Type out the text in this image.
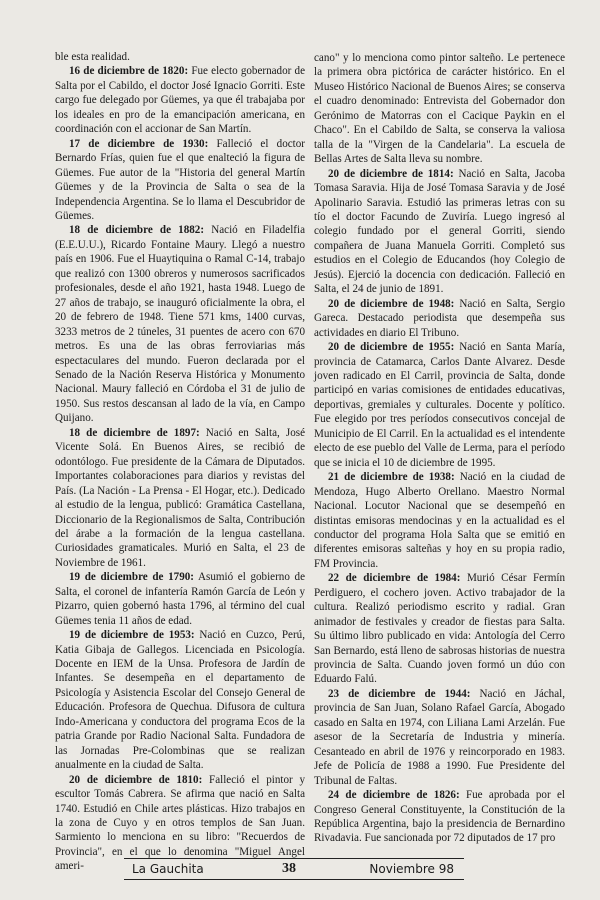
ble esta realidad.

16 de diciembre de 1820: Fue electo gobernador de Salta por el Cabildo, el doctor José Ignacio Gorriti. Este cargo fue delegado por Güemes, ya que él trabajaba por los ideales en pro de la emancipación americana, en coordinación con el accionar de San Martín.

17 de diciembre de 1930: Falleció el doctor Bernardo Frías, quien fue el que enalteció la figura de Güemes. Fue autor de la "Historia del general Martín Güemes y de la Provincia de Salta o sea de la Independencia Argentina. Se lo llama el Descubridor de Güemes.

18 de diciembre de 1882: Nació en Filadelfia (E.E.U.U.), Ricardo Fontaine Maury. Llegó a nuestro país en 1906. Fue el Huaytiquina o Ramal C-14, trabajo que realizó con 1300 obreros y numerosos sacrificados profesionales, desde el año 1921, hasta 1948. Luego de 27 años de trabajo, se inauguró oficialmente la obra, el 20 de febrero de 1948. Tiene 571 kms, 1400 curvas, 3233 metros de 2 túneles, 31 puentes de acero con 670 metros. Es una de las obras ferroviarias más espectaculares del mundo. Fueron declarada por el Senado de la Nación Reserva Histórica y Monumento Nacional. Maury falleció en Córdoba el 31 de julio de 1950. Sus restos descansan al lado de la vía, en Campo Quijano.

18 de diciembre de 1897: Nació en Salta, José Vicente Solá. En Buenos Aires, se recibió de odontólogo. Fue presidente de la Cámara de Diputados. Importantes colaboraciones para diarios y revistas del País. (La Nación - La Prensa - El Hogar, etc.). Dedicado al estudio de la lengua, publicó: Gramática Castellana, Diccionario de la Regionalismos de Salta, Contribución del árabe a la formación de la lengua castellana. Curiosidades gramaticales. Murió en Salta, el 23 de Noviembre de 1961.

19 de diciembre de 1790: Asumió el gobierno de Salta, el coronel de infantería Ramón García de León y Pizarro, quien gobernó hasta 1796, al término del cual Güemes tenia 11 años de edad.

19 de diciembre de 1953: Nació en Cuzco, Perú, Katia Gibaja de Gallegos. Licenciada en Psicología. Docente en IEM de la Unsa. Profesora de Jardín de Infantes. Se desempeña en el departamento de Psicología y Asistencia Escolar del Consejo General de Educación. Profesora de Quechua. Difusora de cultura Indo-Americana y conductora del programa Ecos de la patria Grande por Radio Nacional Salta. Fundadora de las Jornadas Pre-Colombinas que se realizan anualmente en la ciudad de Salta.

20 de diciembre de 1810: Falleció el pintor y escultor Tomás Cabrera. Se afirma que nació en Salta 1740. Estudió en Chile artes plásticas. Hizo trabajos en la zona de Cuyo y en otros templos de San Juan. Sarmiento lo menciona en su libro: "Recuerdos de Provincia", en el que lo denomina "Miguel Angel ameri-

cano" y lo menciona como pintor salteño. Le pertenece la primera obra pictórica de carácter histórico. En el Museo Histórico Nacional de Buenos Aires; se conserva el cuadro denominado: Entrevista del Gobernador don Gerónimo de Matorras con el Cacique Paykin en el Chaco". En el Cabildo de Salta, se conserva la valiosa talla de la "Virgen de la Candelaria". La escuela de Bellas Artes de Salta lleva su nombre.

20 de diciembre de 1814: Nació en Salta, Jacoba Tomasa Saravia. Hija de José Tomasa Saravia y de José Apolinario Saravia. Estudió las primeras letras con su tío el doctor Facundo de Zuviría. Luego ingresó al colegio fundado por el general Gorriti, siendo compañera de Juana Manuela Gorriti. Completó sus estudios en el Colegio de Educandos (hoy Colegio de Jesús). Ejerció la docencia con dedicación. Falleció en Salta, el 24 de junio de 1891.

20 de diciembre de 1948: Nació en Salta, Sergio Gareca. Destacado periodista que desempeña sus actividades en diario El Tribuno.

20 de diciembre de 1955: Nació en Santa María, provincia de Catamarca, Carlos Dante Alvarez. Desde joven radicado en El Carril, provincia de Salta, donde participó en varias comisiones de entidades educativas, deportivas, gremiales y culturales. Docente y político. Fue elegido por tres períodos consecutivos concejal de Municipio de El Carril. En la actualidad es el intendente electo de ese pueblo del Valle de Lerma, para el período que se inicia el 10 de diciembre de 1995.

21 de diciembre de 1938: Nació en la ciudad de Mendoza, Hugo Alberto Orellano. Maestro Normal Nacional. Locutor Nacional que se desempeñó en distintas emisoras mendocinas y en la actualidad es el conductor del programa Hola Salta que se emitió en diferentes emisoras salteñas y hoy en su propia radio, FM Provincia.

22 de diciembre de 1984: Murió César Fermín Perdiguero, el cochero joven. Activo trabajador de la cultura. Realizó periodismo escrito y radial. Gran animador de festivales y creador de fiestas para Salta. Su último libro publicado en vida: Antología del Cerro San Bernardo, está lleno de sabrosas historias de nuestra provincia de Salta. Cuando joven formó un dúo con Eduardo Falú.

23 de diciembre de 1944: Nació en Jáchal, provincia de San Juan, Solano Rafael García, Abogado casado en Salta en 1974, con Liliana Lami Arzelán. Fue asesor de la Secretaría de Industria y minería. Cesanteado en abril de 1976 y reincorporado en 1983. Jefe de Policía de 1988 a 1990. Fue Presidente del Tribunal de Faltas.

24 de diciembre de 1826: Fue aprobada por el Congreso General Constituyente, la Constitución de la República Argentina, bajo la presidencia de Bernardino Rivadavia. Fue sancionada por 72 diputados de 17 pro

La Gauchita	38	Noviembre 98
